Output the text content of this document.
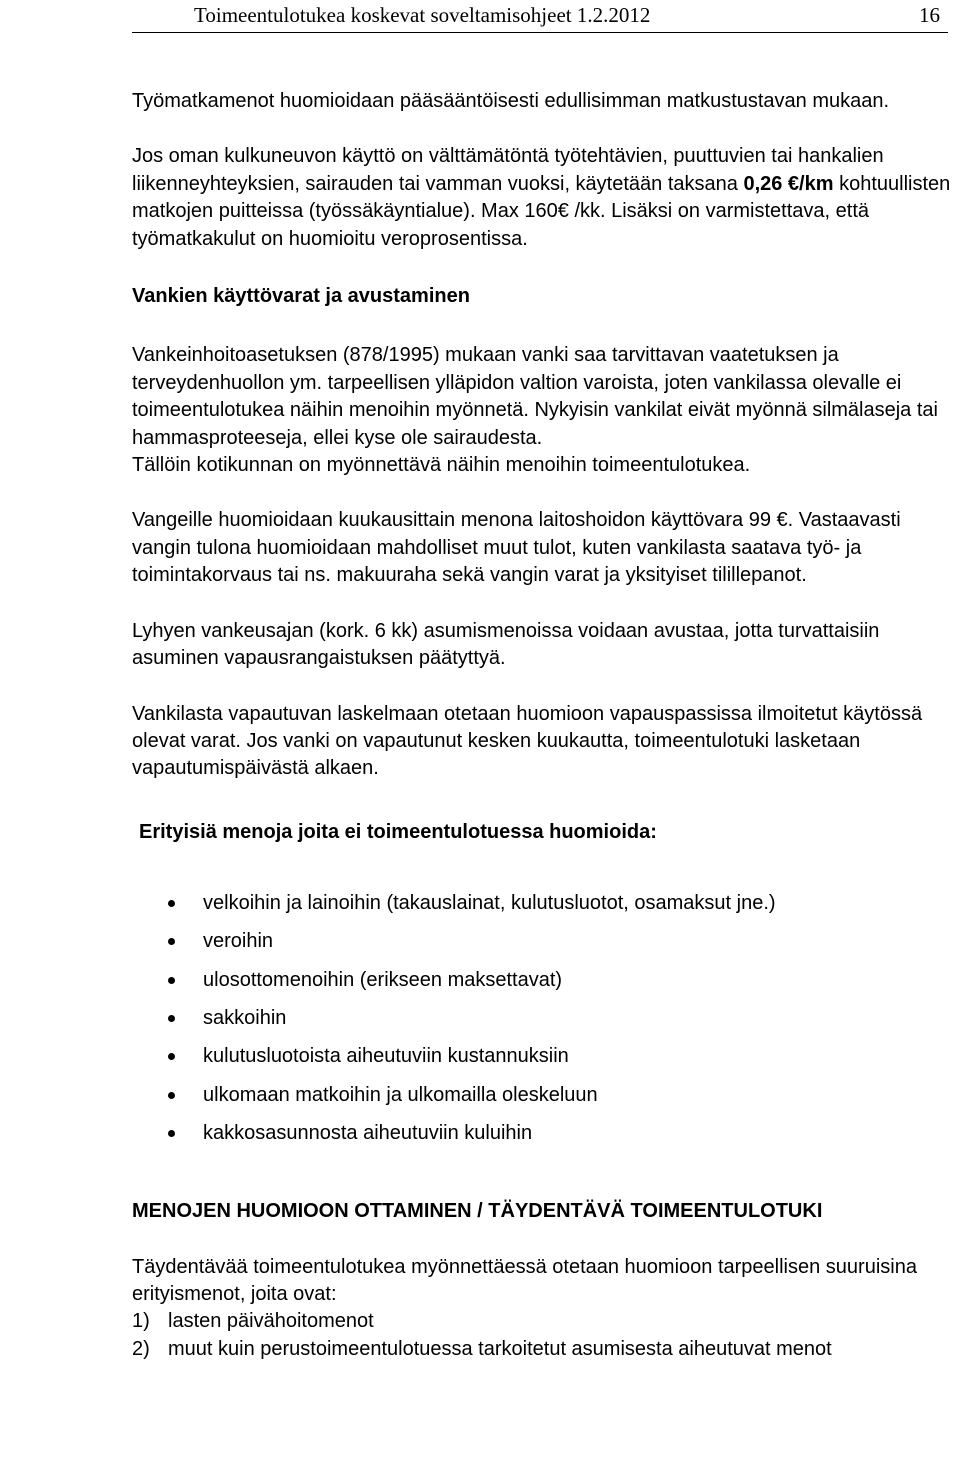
Toimeentulotukea koskevat soveltamisohjeet 1.2.2012	16

Työmatkamenot huomioidaan pääsääntöisesti edullisimman matkustustavan mukaan.

Jos oman kulkuneuvon käyttö on välttämätöntä työtehtävien, puuttuvien tai hankalien liikenneyhteyksien, sairauden tai vamman vuoksi, käytetään taksana 0,26 €/km kohtuullisten matkojen puitteissa (työssäkäyntialue). Max 160€ /kk. Lisäksi on varmistettava, että työmatkakulut on huomioitu veroprosentissa.

Vankien käyttövarat ja avustaminen

Vankeinhoitoasetuksen (878/1995) mukaan vanki saa tarvittavan vaatetuksen ja terveydenhuollon ym. tarpeellisen ylläpidon valtion varoista, joten vankilassa olevalle ei toimeentulotukea näihin menoihin myönnetä. Nykyisin vankilat eivät myönnä silmälaseja tai hammasproteeseja, ellei kyse ole sairaudesta.

Tällöin kotikunnan on myönnettävä näihin menoihin toimeentulotukea.

Vangeille huomioidaan kuukausittain menona laitoshoidon käyttövara 99 €. Vastaavasti vangin tulona huomioidaan mahdolliset muut tulot, kuten vankilasta saatava työ- ja toimintakorvaus tai ns. makuuraha sekä vangin varat ja yksityiset tilillepanot.

Lyhyen vankeusajan (kork. 6 kk) asumismenoissa voidaan avustaa, jotta turvattaisiin asuminen vapausrangaistuksen päätyttyä.

Vankilasta vapautuvan laskelmaan otetaan huomioon vapauspassissa ilmoitetut käytössä olevat varat. Jos vanki on vapautunut kesken kuukautta, toimeentulotuki lasketaan vapautumispäivästä alkaen.

Erityisiä menoja joita ei toimeentulotuessa huomioida:

velkoihin ja lainoihin (takauslainat, kulutusluotot, osamaksut jne.)
veroihin
ulosottomenoihin (erikseen maksettavat)
sakkoihin
kulutusluotoista aiheutuviin kustannuksiin
ulkomaan matkoihin ja ulkomailla oleskeluun
kakkosasunnosta aiheutuviin kuluihin

MENOJEN HUOMIOON OTTAMINEN / TÄYDENTÄVÄ TOIMEENTULOTUKI

Täydentävää toimeentulotukea myönnettäessä otetaan huomioon tarpeellisen suuruisina erityismenot, joita ovat:

1) lasten päivähoitomenot
2) muut kuin perustoimeentulotuessa tarkoitetut asumisesta aiheutuvat menot
